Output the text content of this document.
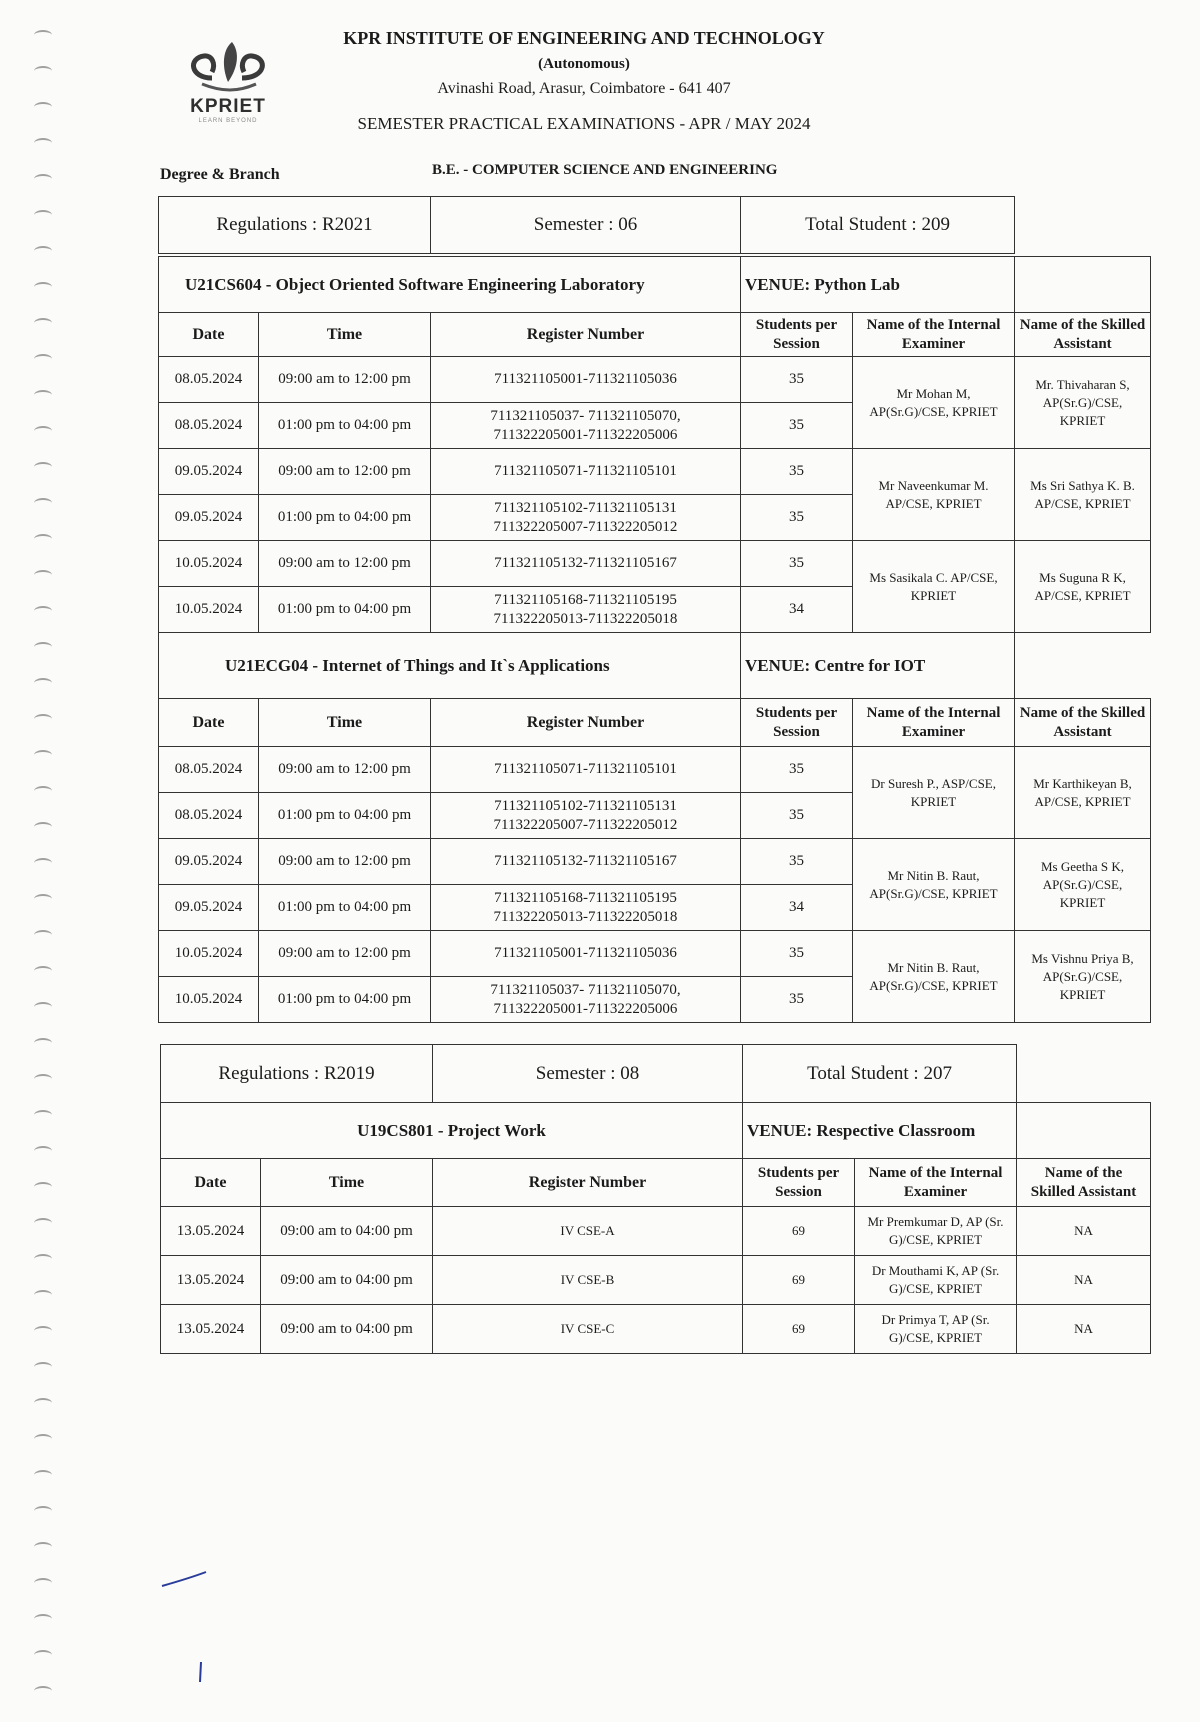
KPRIET
LEARN BEYOND
KPR INSTITUTE OF ENGINEERING AND TECHNOLOGY
(Autonomous)
Avinashi Road, Arasur, Coimbatore - 641 407
SEMESTER PRACTICAL EXAMINATIONS - APR / MAY 2024
Degree & Branch	B.E. - COMPUTER SCIENCE AND ENGINEERING
Regulations : R2021	Semester : 06	Total Student : 209
U21CS604 - Object Oriented Software Engineering Laboratory			VENUE: Python Lab		
Date	Time	Register Number	Students per Session	Name of the Internal Examiner	Name of the Skilled Assistant
08.05.2024	09:00 am to 12:00 pm	711321105001-711321105036	35	Mr Mohan M,
AP(Sr.G)/CSE, KPRIET	Mr. Thivaharan S,
AP(Sr.G)/CSE,
KPRIET
08.05.2024	01:00 pm to 04:00 pm	711321105037- 711321105070,
711322205001-711322205006	35		
09.05.2024	09:00 am to 12:00 pm	711321105071-711321105101	35	Mr Naveenkumar M.
AP/CSE, KPRIET	Ms Sri Sathya K. B.
AP/CSE, KPRIET
09.05.2024	01:00 pm to 04:00 pm	711321105102-711321105131
711322205007-711322205012	35		
10.05.2024	09:00 am to 12:00 pm	711321105132-711321105167	35	Ms Sasikala C. AP/CSE,
KPRIET	Ms Suguna R K,
AP/CSE, KPRIET
10.05.2024	01:00 pm to 04:00 pm	711321105168-711321105195
711322205013-711322205018	34		
U21ECG04 - Internet of Things and It`s Applications			VENUE: Centre for IOT		
Date	Time	Register Number	Students per Session	Name of the Internal Examiner	Name of the Skilled Assistant
08.05.2024	09:00 am to 12:00 pm	711321105071-711321105101	35	Dr Suresh P., ASP/CSE,
KPRIET	Mr Karthikeyan B,
AP/CSE, KPRIET
08.05.2024	01:00 pm to 04:00 pm	711321105102-711321105131
711322205007-711322205012	35		
09.05.2024	09:00 am to 12:00 pm	711321105132-711321105167	35	Mr Nitin B. Raut,
AP(Sr.G)/CSE, KPRIET	Ms Geetha S K,
AP(Sr.G)/CSE,
KPRIET
09.05.2024	01:00 pm to 04:00 pm	711321105168-711321105195
711322205013-711322205018	34		
10.05.2024	09:00 am to 12:00 pm	711321105001-711321105036	35	Mr Nitin B. Raut,
AP(Sr.G)/CSE, KPRIET	Ms Vishnu Priya B,
AP(Sr.G)/CSE,
KPRIET
10.05.2024	01:00 pm to 04:00 pm	711321105037- 711321105070,
711322205001-711322205006	35		
Regulations : R2019		Semester : 08	Total Student : 207		
U19CS801 - Project Work			VENUE: Respective Classroom		
Date	Time	Register Number	Students per Session	Name of the Internal Examiner	Name of the Skilled Assistant
13.05.2024	09:00 am to 04:00 pm	IV CSE-A	69	Mr Premkumar D, AP (Sr.
G)/CSE, KPRIET	NA
13.05.2024	09:00 am to 04:00 pm	IV CSE-B	69	Dr Mouthami K, AP (Sr.
G)/CSE, KPRIET	NA
13.05.2024	09:00 am to 04:00 pm	IV CSE-C	69	Dr Primya T, AP (Sr.
G)/CSE, KPRIET	NA
